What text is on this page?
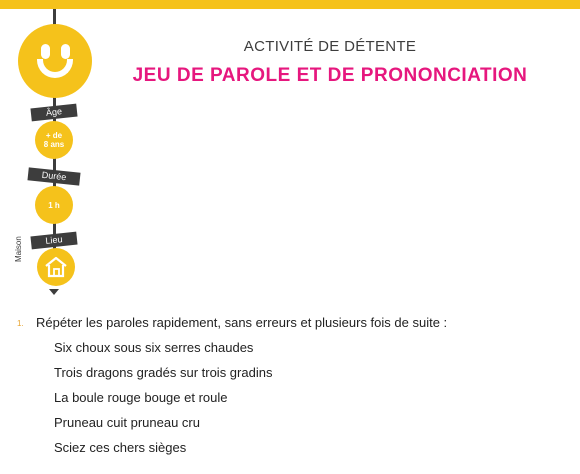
Âge
+ de
8 ans
Durée
1 h
Lieu
Maison
ACTIVITÉ DE DÉTENTE
JEU DE PAROLE ET DE PRONONCIATION
1. Répéter les paroles rapidement, sans erreurs et plusieurs fois de suite :
Six choux sous six serres chaudes
Trois dragons gradés sur trois gradins
La boule rouge bouge et roule
Pruneau cuit pruneau cru
Sciez ces chers sièges
